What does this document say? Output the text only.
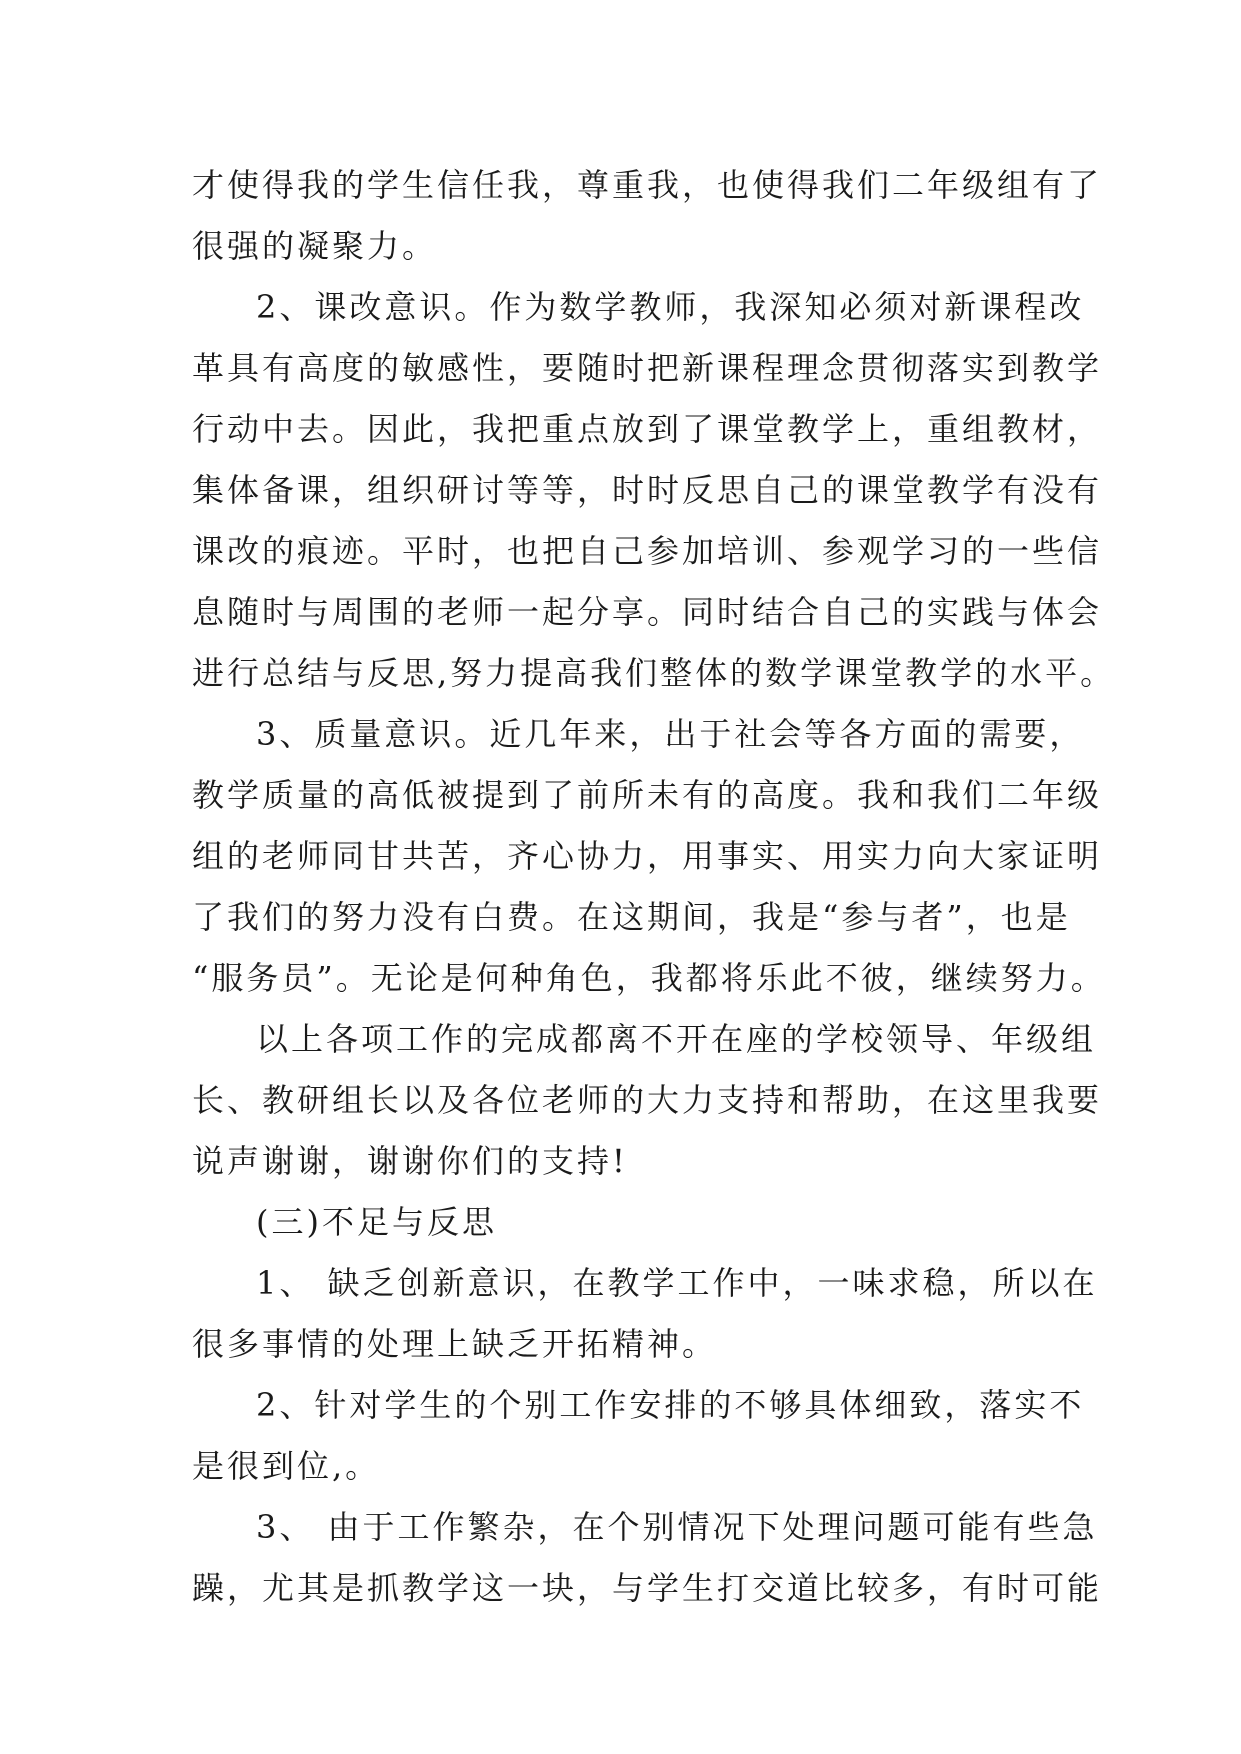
才使得我的学生信任我，尊重我，也使得我们二年级组有了
很强的凝聚力。
2、课改意识。作为数学教师，我深知必须对新课程改
革具有高度的敏感性，要随时把新课程理念贯彻落实到教学
行动中去。因此，我把重点放到了课堂教学上，重组教材，
集体备课，组织研讨等等，时时反思自己的课堂教学有没有
课改的痕迹。平时，也把自己参加培训、参观学习的一些信
息随时与周围的老师一起分享。同时结合自己的实践与体会
进行总结与反思,努力提高我们整体的数学课堂教学的水平。
3、质量意识。近几年来，出于社会等各方面的需要，
教学质量的高低被提到了前所未有的高度。我和我们二年级
组的老师同甘共苦，齐心协力，用事实、用实力向大家证明
了我们的努力没有白费。在这期间，我是“参与者”，也是
“服务员”。无论是何种角色，我都将乐此不彼，继续努力。
以上各项工作的完成都离不开在座的学校领导、年级组
长、教研组长以及各位老师的大力支持和帮助，在这里我要
说声谢谢，谢谢你们的支持!
(三)不足与反思
1、 缺乏创新意识，在教学工作中，一味求稳，所以在
很多事情的处理上缺乏开拓精神。
2、针对学生的个别工作安排的不够具体细致，落实不
是很到位,。
3、 由于工作繁杂，在个别情况下处理问题可能有些急
躁，尤其是抓教学这一块，与学生打交道比较多，有时可能
